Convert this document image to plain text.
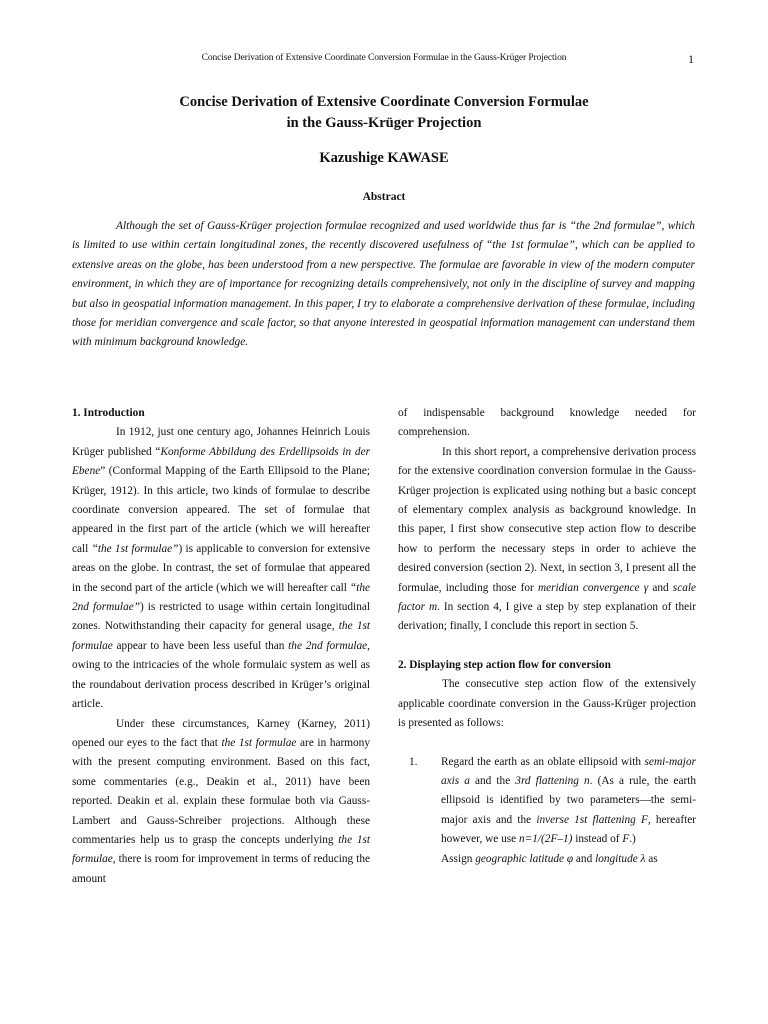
Concise Derivation of Extensive Coordinate Conversion Formulae in the Gauss-Krüger Projection	1
Concise Derivation of Extensive Coordinate Conversion Formulae
in the Gauss-Krüger Projection
Kazushige KAWASE
Abstract

Although the set of Gauss-Krüger projection formulae recognized and used worldwide thus far is “the 2nd formulae”, which is limited to use within certain longitudinal zones, the recently discovered usefulness of “the 1st formulae”, which can be applied to extensive areas on the globe, has been understood from a new perspective. The formulae are favorable in view of the modern computer environment, in which they are of importance for recognizing details comprehensively, not only in the discipline of survey and mapping but also in geospatial information management. In this paper, I try to elaborate a comprehensive derivation of these formulae, including those for meridian convergence and scale factor, so that anyone interested in geospatial information management can understand them with minimum background knowledge.

1. Introduction

In 1912, just one century ago, Johannes Heinrich Louis Krüger published “Konforme Abbildung des Erdellipsoids in der Ebene” (Conformal Mapping of the Earth Ellipsoid to the Plane; Krüger, 1912). In this article, two kinds of formulae to describe coordinate conversion appeared. The set of formulae that appeared in the first part of the article (which we will hereafter call “the 1st formulae”) is applicable to conversion for extensive areas on the globe. In contrast, the set of formulae that appeared in the second part of the article (which we will hereafter call “the 2nd formulae”) is restricted to usage within certain longitudinal zones. Notwithstanding their capacity for general usage, the 1st formulae appear to have been less useful than the 2nd formulae, owing to the intricacies of the whole formulaic system as well as the roundabout derivation process described in Krüger’s original article.

Under these circumstances, Karney (Karney, 2011) opened our eyes to the fact that the 1st formulae are in harmony with the present computing environment. Based on this fact, some commentaries (e.g., Deakin et al., 2011) have been reported. Deakin et al. explain these formulae both via Gauss-Lambert and Gauss-Schreiber projections. Although these commentaries help us to grasp the concepts underlying the 1st formulae, there is room for improvement in terms of reducing the amount

of indispensable background knowledge needed for comprehension.

In this short report, a comprehensive derivation process for the extensive coordination conversion formulae in the Gauss-Krüger projection is explicated using nothing but a basic concept of elementary complex analysis as background knowledge. In this paper, I first show consecutive step action flow to describe how to perform the necessary steps in order to achieve the desired conversion (section 2). Next, in section 3, I present all the formulae, including those for meridian convergence γ and scale factor m. In section 4, I give a step by step explanation of their derivation; finally, I conclude this report in section 5.

2. Displaying step action flow for conversion

The consecutive step action flow of the extensively applicable coordinate conversion in the Gauss-Krüger projection is presented as follows:

1. Regard the earth as an oblate ellipsoid with semi-major axis a and the 3rd flattening n. (As a rule, the earth ellipsoid is identified by two parameters—the semi-major axis and the inverse 1st flattening F, hereafter however, we use n=1/(2F–1) instead of F.)

Assign geographic latitude φ and longitude λ as
